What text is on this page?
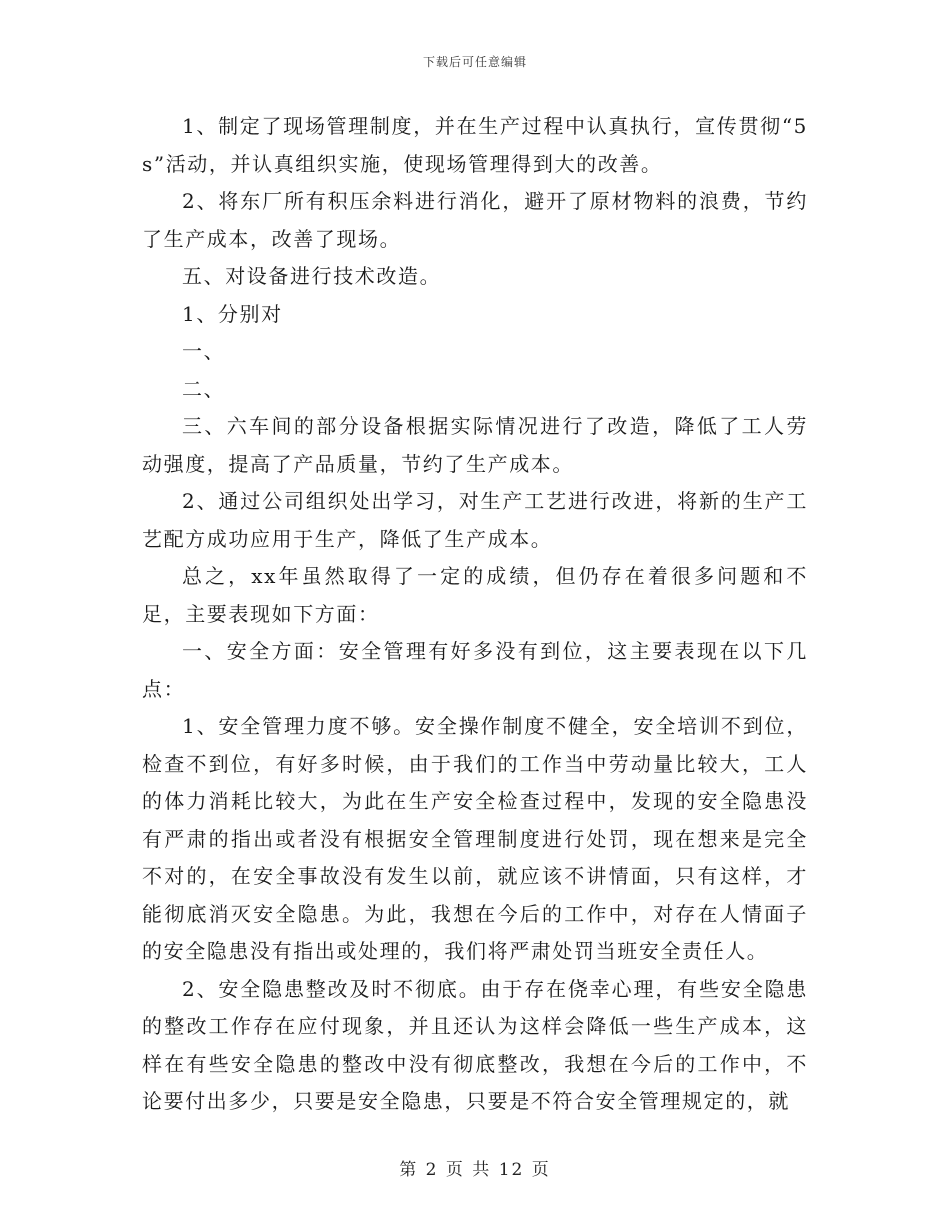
下载后可任意编辑

1、制定了现场管理制度，并在生产过程中认真执行，宣传贯彻“5s”活动，并认真组织实施，使现场管理得到大的改善。

2、将东厂所有积压余料进行消化，避开了原材物料的浪费，节约了生产成本，改善了现场。

五、对设备进行技术改造。

1、分别对

一、

二、

三、六车间的部分设备根据实际情况进行了改造，降低了工人劳动强度，提高了产品质量，节约了生产成本。

2、通过公司组织处出学习，对生产工艺进行改进，将新的生产工艺配方成功应用于生产，降低了生产成本。

总之，xx年虽然取得了一定的成绩，但仍存在着很多问题和不足，主要表现如下方面：

一、安全方面：安全管理有好多没有到位，这主要表现在以下几点：

1、安全管理力度不够。安全操作制度不健全，安全培训不到位，检查不到位，有好多时候，由于我们的工作当中劳动量比较大，工人的体力消耗比较大，为此在生产安全检查过程中，发现的安全隐患没有严肃的指出或者没有根据安全管理制度进行处罚，现在想来是完全不对的，在安全事故没有发生以前，就应该不讲情面，只有这样，才能彻底消灭安全隐患。为此，我想在今后的工作中，对存在人情面子的安全隐患没有指出或处理的，我们将严肃处罚当班安全责任人。

2、安全隐患整改及时不彻底。由于存在侥幸心理，有些安全隐患的整改工作存在应付现象，并且还认为这样会降低一些生产成本，这样在有些安全隐患的整改中没有彻底整改，我想在今后的工作中，不论要付出多少，只要是安全隐患，只要是不符合安全管理规定的，就

第 2 页 共 12 页
